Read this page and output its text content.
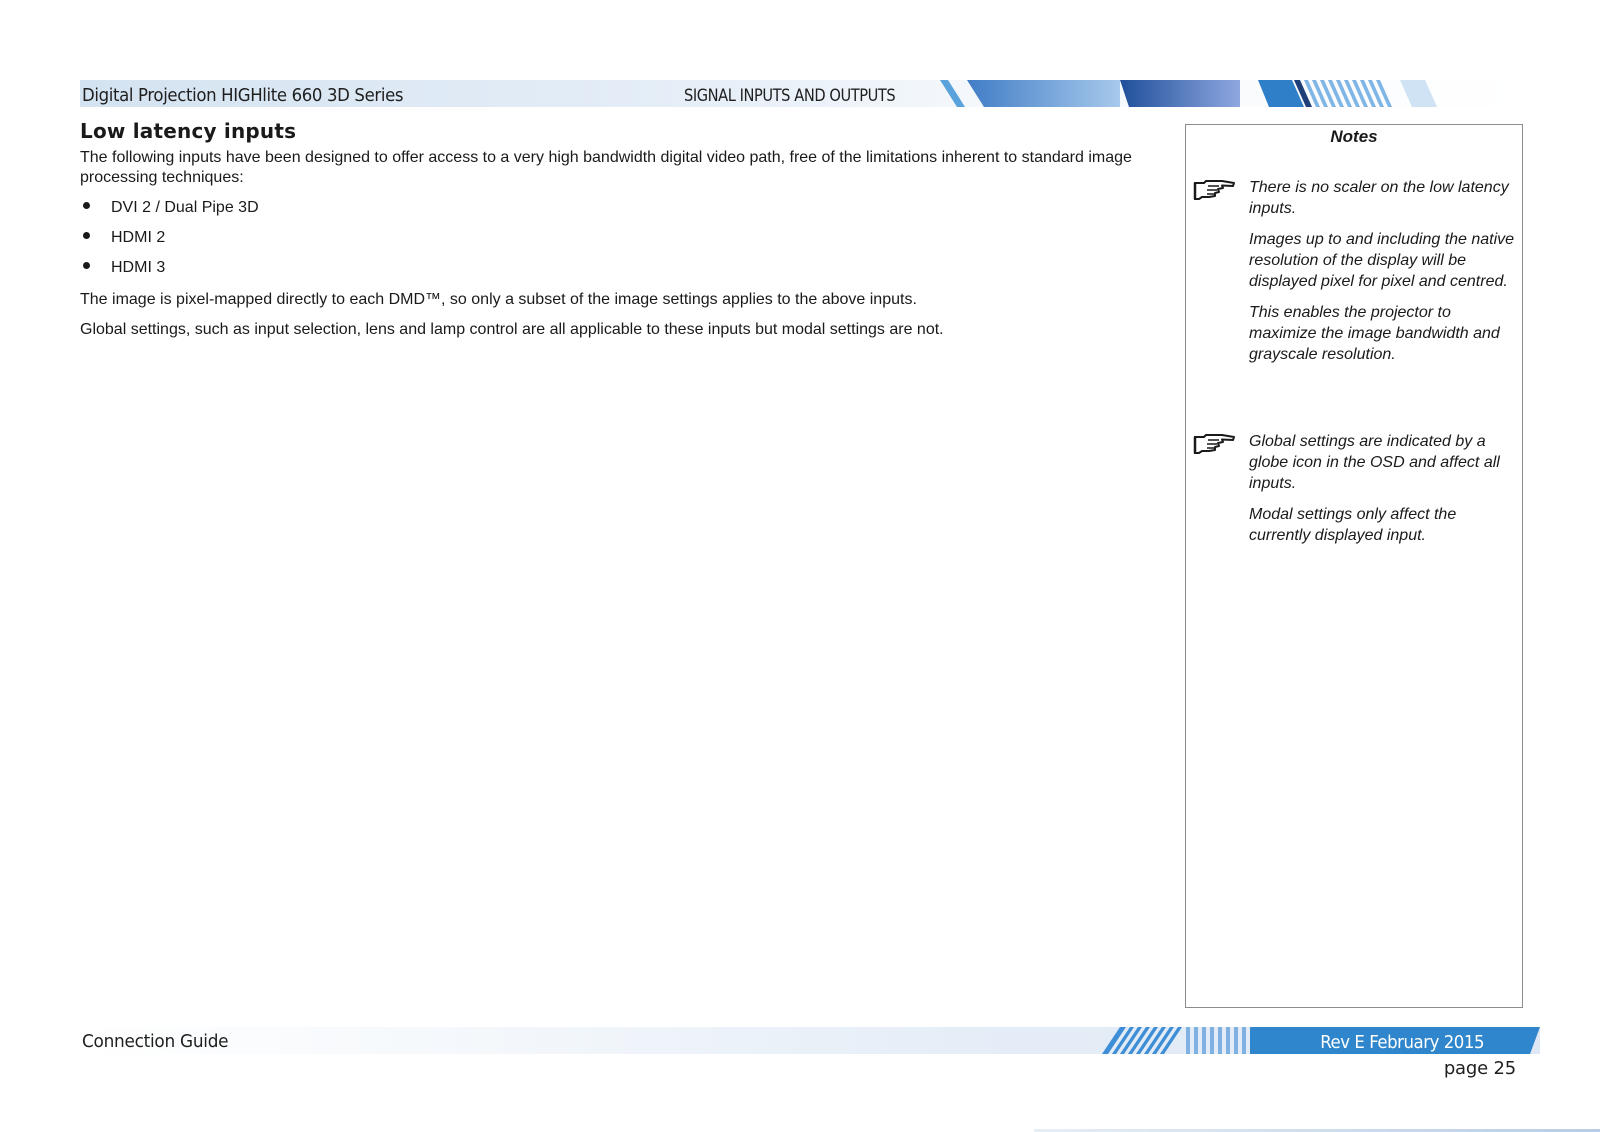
Digital Projection HIGHlite 660 3D Series	SIGNAL INPUTS AND OUTPUTS
Low latency inputs

The following inputs have been designed to offer access to a very high bandwidth digital video path, free of the limitations inherent to standard image processing techniques:

DVI 2 / Dual Pipe 3D
HDMI 2
HDMI 3

The image is pixel-mapped directly to each DMD™, so only a subset of the image settings applies to the above inputs.

Global settings, such as input selection, lens and lamp control are all applicable to these inputs but modal settings are not.

Notes

There is no scaler on the low latency inputs.

Images up to and including the native resolution of the display will be displayed pixel for pixel and centred.

This enables the projector to maximize the image bandwidth and grayscale resolution.

Global settings are indicated by a globe icon in the OSD and affect all inputs.

Modal settings only affect the currently displayed input.

Connection Guide	Rev E February 2015
page 25
